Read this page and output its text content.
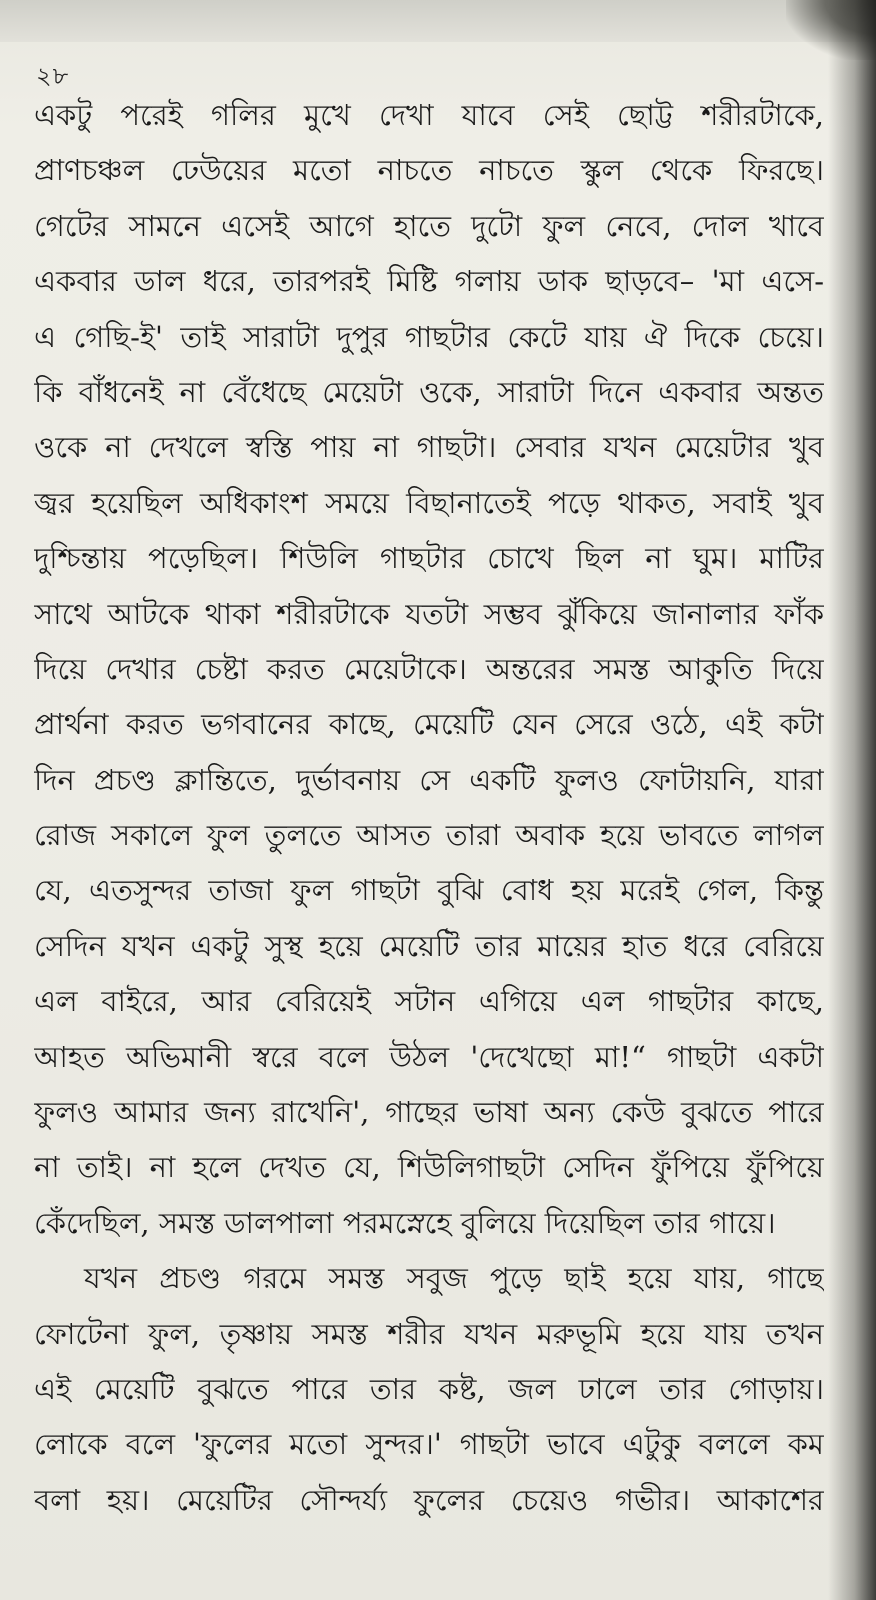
২৮
একটু পরেই গলির মুখে দেখা যাবে সেই ছোট্ট শরীরটাকে,
প্রাণচঞ্চল ঢেউয়ের মতো নাচতে নাচতে স্কুল থেকে ফিরছে।
গেটের সামনে এসেই আগে হাতে দুটো ফুল নেবে, দোল খাবে
একবার ডাল ধরে, তারপরই মিষ্টি গলায় ডাক ছাড়বে– 'মা এসে-
এ গেছি-ই' তাই সারাটা দুপুর গাছটার কেটে যায় ঐ দিকে চেয়ে।
কি বাঁধনেই না বেঁধেছে মেয়েটা ওকে, সারাটা দিনে একবার অন্তত
ওকে না দেখলে স্বস্তি পায় না গাছটা। সেবার যখন মেয়েটার খুব
জ্বর হয়েছিল অধিকাংশ সময়ে বিছানাতেই পড়ে থাকত, সবাই খুব
দুশ্চিন্তায় পড়েছিল। শিউলি গাছটার চোখে ছিল না ঘুম। মাটির
সাথে আটকে থাকা শরীরটাকে যতটা সম্ভব ঝুঁকিয়ে জানালার ফাঁক
দিয়ে দেখার চেষ্টা করত মেয়েটাকে। অন্তরের সমস্ত আকুতি দিয়ে
প্রার্থনা করত ভগবানের কাছে, মেয়েটি যেন সেরে ওঠে, এই কটা
দিন প্রচণ্ড ক্লান্তিতে, দুর্ভাবনায় সে একটি ফুলও ফোটায়নি, যারা
রোজ সকালে ফুল তুলতে আসত তারা অবাক হয়ে ভাবতে লাগল
যে, এতসুন্দর তাজা ফুল গাছটা বুঝি বোধ হয় মরেই গেল, কিন্তু
সেদিন যখন একটু সুস্থ হয়ে মেয়েটি তার মায়ের হাত ধরে বেরিয়ে
এল বাইরে, আর বেরিয়েই সটান এগিয়ে এল গাছটার কাছে,
আহত অভিমানী স্বরে বলে উঠল 'দেখেছো মা!“ গাছটা একটা
ফুলও আমার জন্য রাখেনি', গাছের ভাষা অন্য কেউ বুঝতে পারে
না তাই। না হলে দেখত যে, শিউলিগাছটা সেদিন ফুঁপিয়ে ফুঁপিয়ে
কেঁদেছিল, সমস্ত ডালপালা পরমস্নেহে বুলিয়ে দিয়েছিল তার গায়ে।
যখন প্রচণ্ড গরমে সমস্ত সবুজ পুড়ে ছাই হয়ে যায়, গাছে
ফোটেনা ফুল, তৃষ্ণায় সমস্ত শরীর যখন মরুভূমি হয়ে যায় তখন
এই মেয়েটি বুঝতে পারে তার কষ্ট, জল ঢালে তার গোড়ায়।
লোকে বলে 'ফুলের মতো সুন্দর।' গাছটা ভাবে এটুকু বললে কম
বলা হয়। মেয়েটির সৌন্দর্য্য ফুলের চেয়েও গভীর। আকাশের
